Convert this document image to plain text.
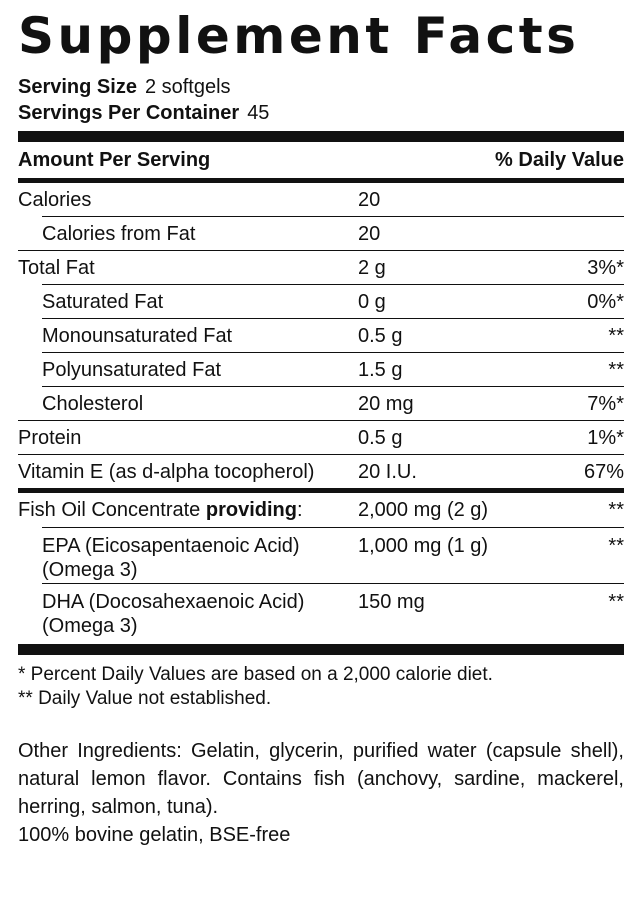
Supplement Facts
Serving Size 2 softgels
Servings Per Container 45
Amount Per Serving	% Daily Value
Calories	20
Calories from Fat	20
Total Fat	2 g	3%*
Saturated Fat	0 g	0%*
Monounsaturated Fat	0.5 g	**
Polyunsaturated Fat	1.5 g	**
Cholesterol	20 mg	7%*
Protein	0.5 g	1%*
Vitamin E (as d-alpha tocopherol)	20 I.U.	67%
Fish Oil Concentrate providing:	2,000 mg (2 g)	**
EPA (Eicosapentaenoic Acid)
(Omega 3)
1,000 mg (1 g)	**
DHA (Docosahexaenoic Acid)
(Omega 3)
150 mg	**
* Percent Daily Values are based on a 2,000 calorie diet.
** Daily Value not established.
Other Ingredients: Gelatin, glycerin, purified water (capsule shell), natural lemon flavor. Contains fish (anchovy, sardine, mackerel, herring, salmon, tuna).
100% bovine gelatin, BSE-free
